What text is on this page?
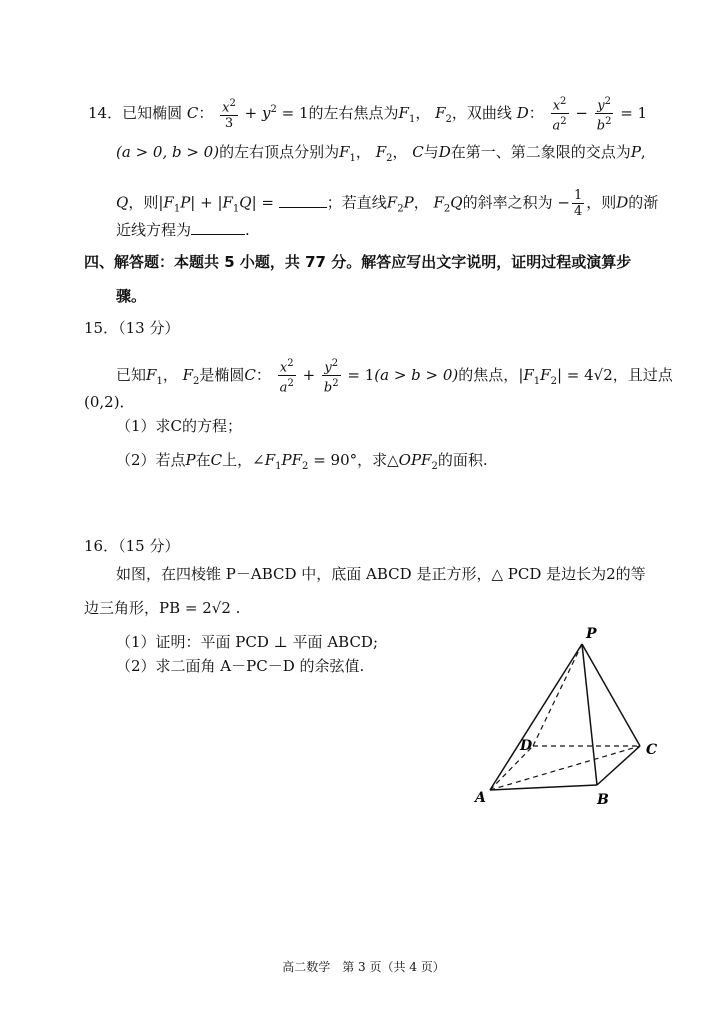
14．已知椭圆 C： $\frac{x^2}{3} + y^2 = 1$的左右焦点为$F_1$， $F_2$，双曲线 D： $\frac{x^2}{a^2} - \frac{y^2}{b^2} = 1$
(a > 0, b > 0)的左右顶点分别为$F_1$， $F_2$， C与D在第一、第二象限的交点为P,
Q，则$|F_1P| + |F_1Q|$ =	；若直线$F_2P$， $F_2Q$的斜率之积为 − $\frac{1}{4}$ ，则D的渐
近线方程为	.
四、解答题：本题共 5 小题，共 77 分。解答应写出文字说明，证明过程或演算步
骤。
15．（13 分）
已知$F_1$， $F_2$是椭圆C： $\frac{x^2}{a^2} + \frac{y^2}{b^2} = 1(a > b > 0)$的焦点，$|F_1F_2| = 4√2$，且过点
(0,2)．
（1）求C的方程；
（2）若点P在C上，$\angle F_1PF_2 = 90^\circ$，求$\triangle OPF_2$的面积.
16．（15 分）
如图，在四棱锥 P－ABCD 中，底面 ABCD 是正方形，△ PCD 是边长为2的等
边三角形，PB = 2√2 .
（1）证明：平面 PCD ⊥ 平面 ABCD;
（2）求二面角 A－PC－D 的余弦值.
P
D	C
A	B
高二数学　第 3 页（共 4 页）
